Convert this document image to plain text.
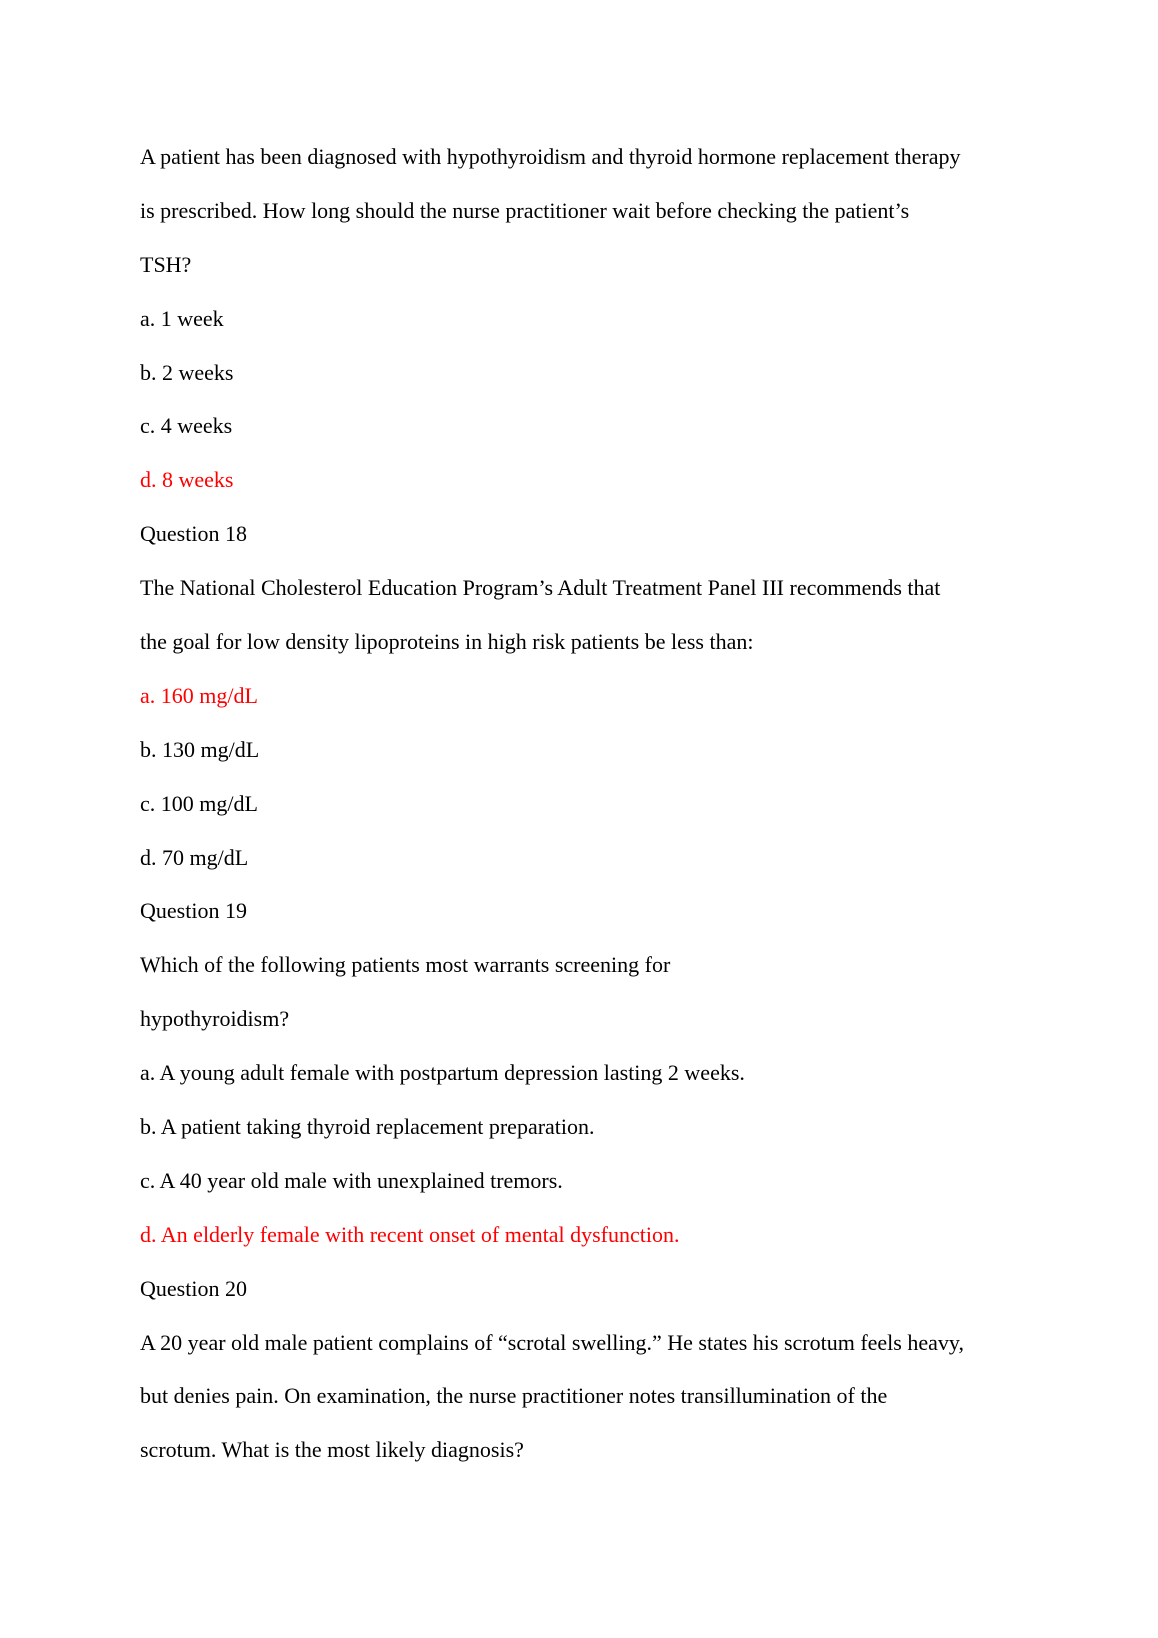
A patient has been diagnosed with hypothyroidism and thyroid hormone replacement therapy
is prescribed. How long should the nurse practitioner wait before checking the patient’s
TSH?
a. 1 week
b. 2 weeks
c. 4 weeks
d. 8 weeks
Question 18
The National Cholesterol Education Program’s Adult Treatment Panel III recommends that
the goal for low density lipoproteins in high risk patients be less than:
a. 160 mg/dL
b. 130 mg/dL
c. 100 mg/dL
d. 70 mg/dL
Question 19
Which of the following patients most warrants screening for
hypothyroidism?
a. A young adult female with postpartum depression lasting 2 weeks.
b. A patient taking thyroid replacement preparation.
c. A 40 year old male with unexplained tremors.
d. An elderly female with recent onset of mental dysfunction.
Question 20
A 20 year old male patient complains of “scrotal swelling.” He states his scrotum feels heavy,
but denies pain. On examination, the nurse practitioner notes transillumination of the
scrotum. What is the most likely diagnosis?
